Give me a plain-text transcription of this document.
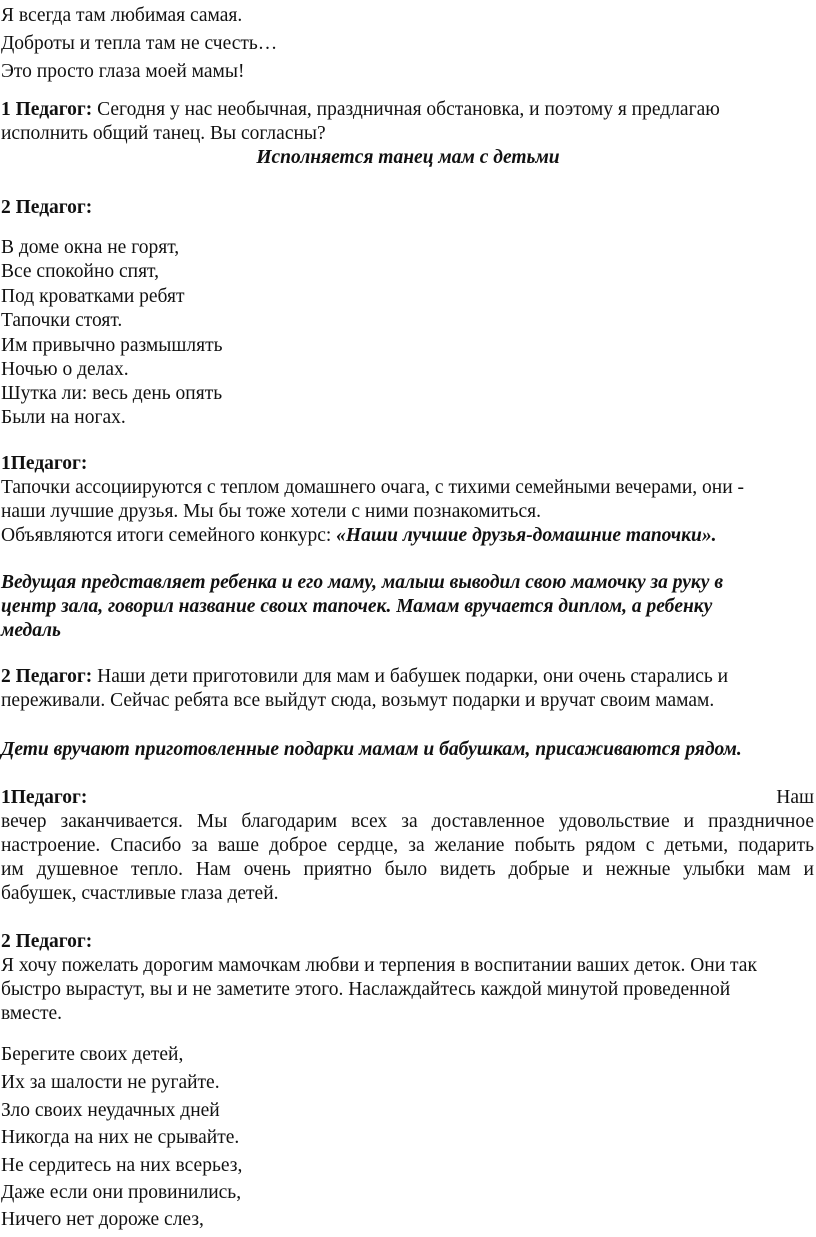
Я всегда там любимая самая.
Доброты и тепла там не счесть…
Это просто глаза моей мамы!
1 Педагог: Сегодня у нас необычная, праздничная обстановка, и поэтому я предлагаю
исполнить общий танец. Вы согласны?
Исполняется танец мам с детьми
2 Педагог:
В доме окна не горят,
Все спокойно спят,
Под кроватками ребят
Тапочки стоят.
Им привычно размышлять
Ночью о делах.
Шутка ли: весь день опять
Были на ногах.
1Педагог:
Тапочки ассоциируются с теплом домашнего очага, с тихими семейными вечерами, они -
наши лучшие друзья. Мы бы тоже хотели с ними познакомиться.
Объявляются итоги семейного конкурс: «Наши лучшие друзья-домашние тапочки».
Ведущая представляет ребенка и его маму, малыш выводил свою мамочку за руку в
центр зала, говорил название своих тапочек. Мамам вручается диплом, а ребенку
медаль
2 Педагог: Наши дети приготовили для мам и бабушек подарки, они очень старались и
переживали. Сейчас ребята все выйдут сюда, возьмут подарки и вручат своим мамам.
Дети вручают приготовленные подарки мамам и бабушкам, присаживаются рядом.
1Педагог:	Наш
вечер заканчивается. Мы благодарим всех за доставленное удовольствие и праздничное
настроение. Спасибо за ваше доброе сердце, за желание побыть рядом с детьми, подарить
им душевное тепло. Нам очень приятно было видеть добрые и нежные улыбки мам и
бабушек, счастливые глаза детей.
2 Педагог:
Я хочу пожелать дорогим мамочкам любви и терпения в воспитании ваших деток. Они так
быстро вырастут, вы и не заметите этого. Наслаждайтесь каждой минутой проведенной
вместе.
Берегите своих детей,
Их за шалости не ругайте.
Зло своих неудачных дней
Никогда на них не срывайте.
Не сердитесь на них всерьез,
Даже если они провинились,
Ничего нет дороже слез,
